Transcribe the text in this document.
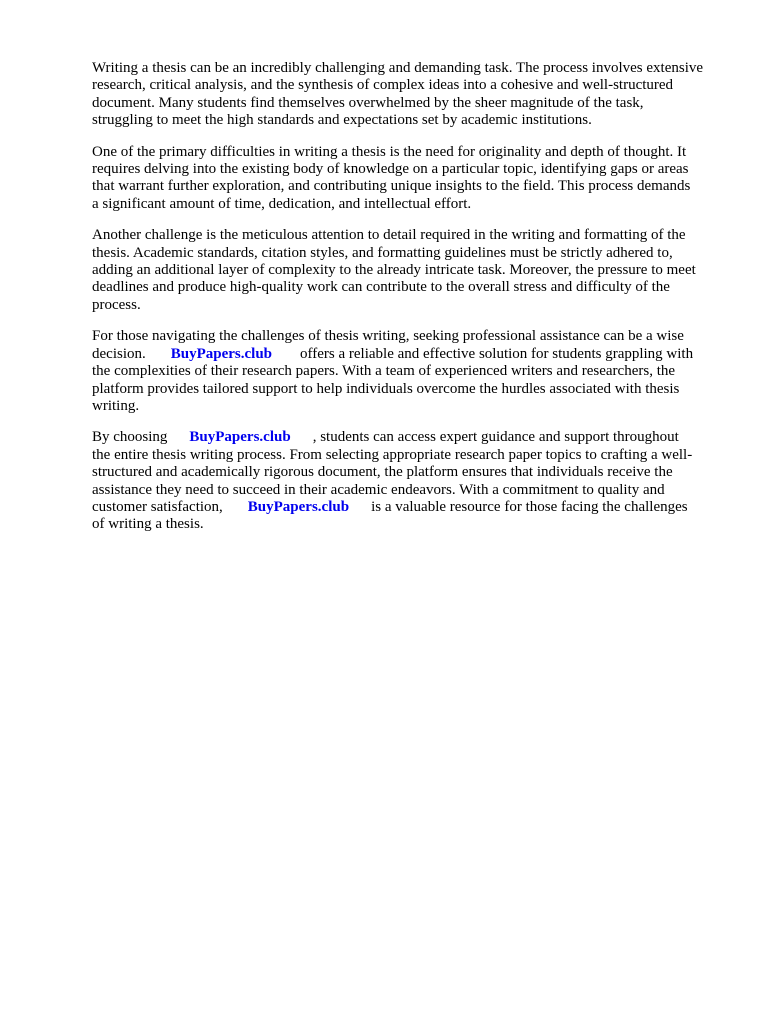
Writing a thesis can be an incredibly challenging and demanding task. The process involves extensive
research, critical analysis, and the synthesis of complex ideas into a cohesive and well-structured
document. Many students find themselves overwhelmed by the sheer magnitude of the task,
struggling to meet the high standards and expectations set by academic institutions.

One of the primary difficulties in writing a thesis is the need for originality and depth of thought. It
requires delving into the existing body of knowledge on a particular topic, identifying gaps or areas
that warrant further exploration, and contributing unique insights to the field. This process demands
a significant amount of time, dedication, and intellectual effort.

Another challenge is the meticulous attention to detail required in the writing and formatting of the
thesis. Academic standards, citation styles, and formatting guidelines must be strictly adhered to,
adding an additional layer of complexity to the already intricate task. Moreover, the pressure to meet
deadlines and produce high-quality work can contribute to the overall stress and difficulty of the
process.

For those navigating the challenges of thesis writing, seeking professional assistance can be a wise
decision. BuyPapers.club offers a reliable and effective solution for students grappling with
the complexities of their research papers. With a team of experienced writers and researchers, the
platform provides tailored support to help individuals overcome the hurdles associated with thesis
writing.

By choosing BuyPapers.club , students can access expert guidance and support throughout
the entire thesis writing process. From selecting appropriate research paper topics to crafting a well-
structured and academically rigorous document, the platform ensures that individuals receive the
assistance they need to succeed in their academic endeavors. With a commitment to quality and
customer satisfaction, BuyPapers.club is a valuable resource for those facing the challenges
of writing a thesis.
